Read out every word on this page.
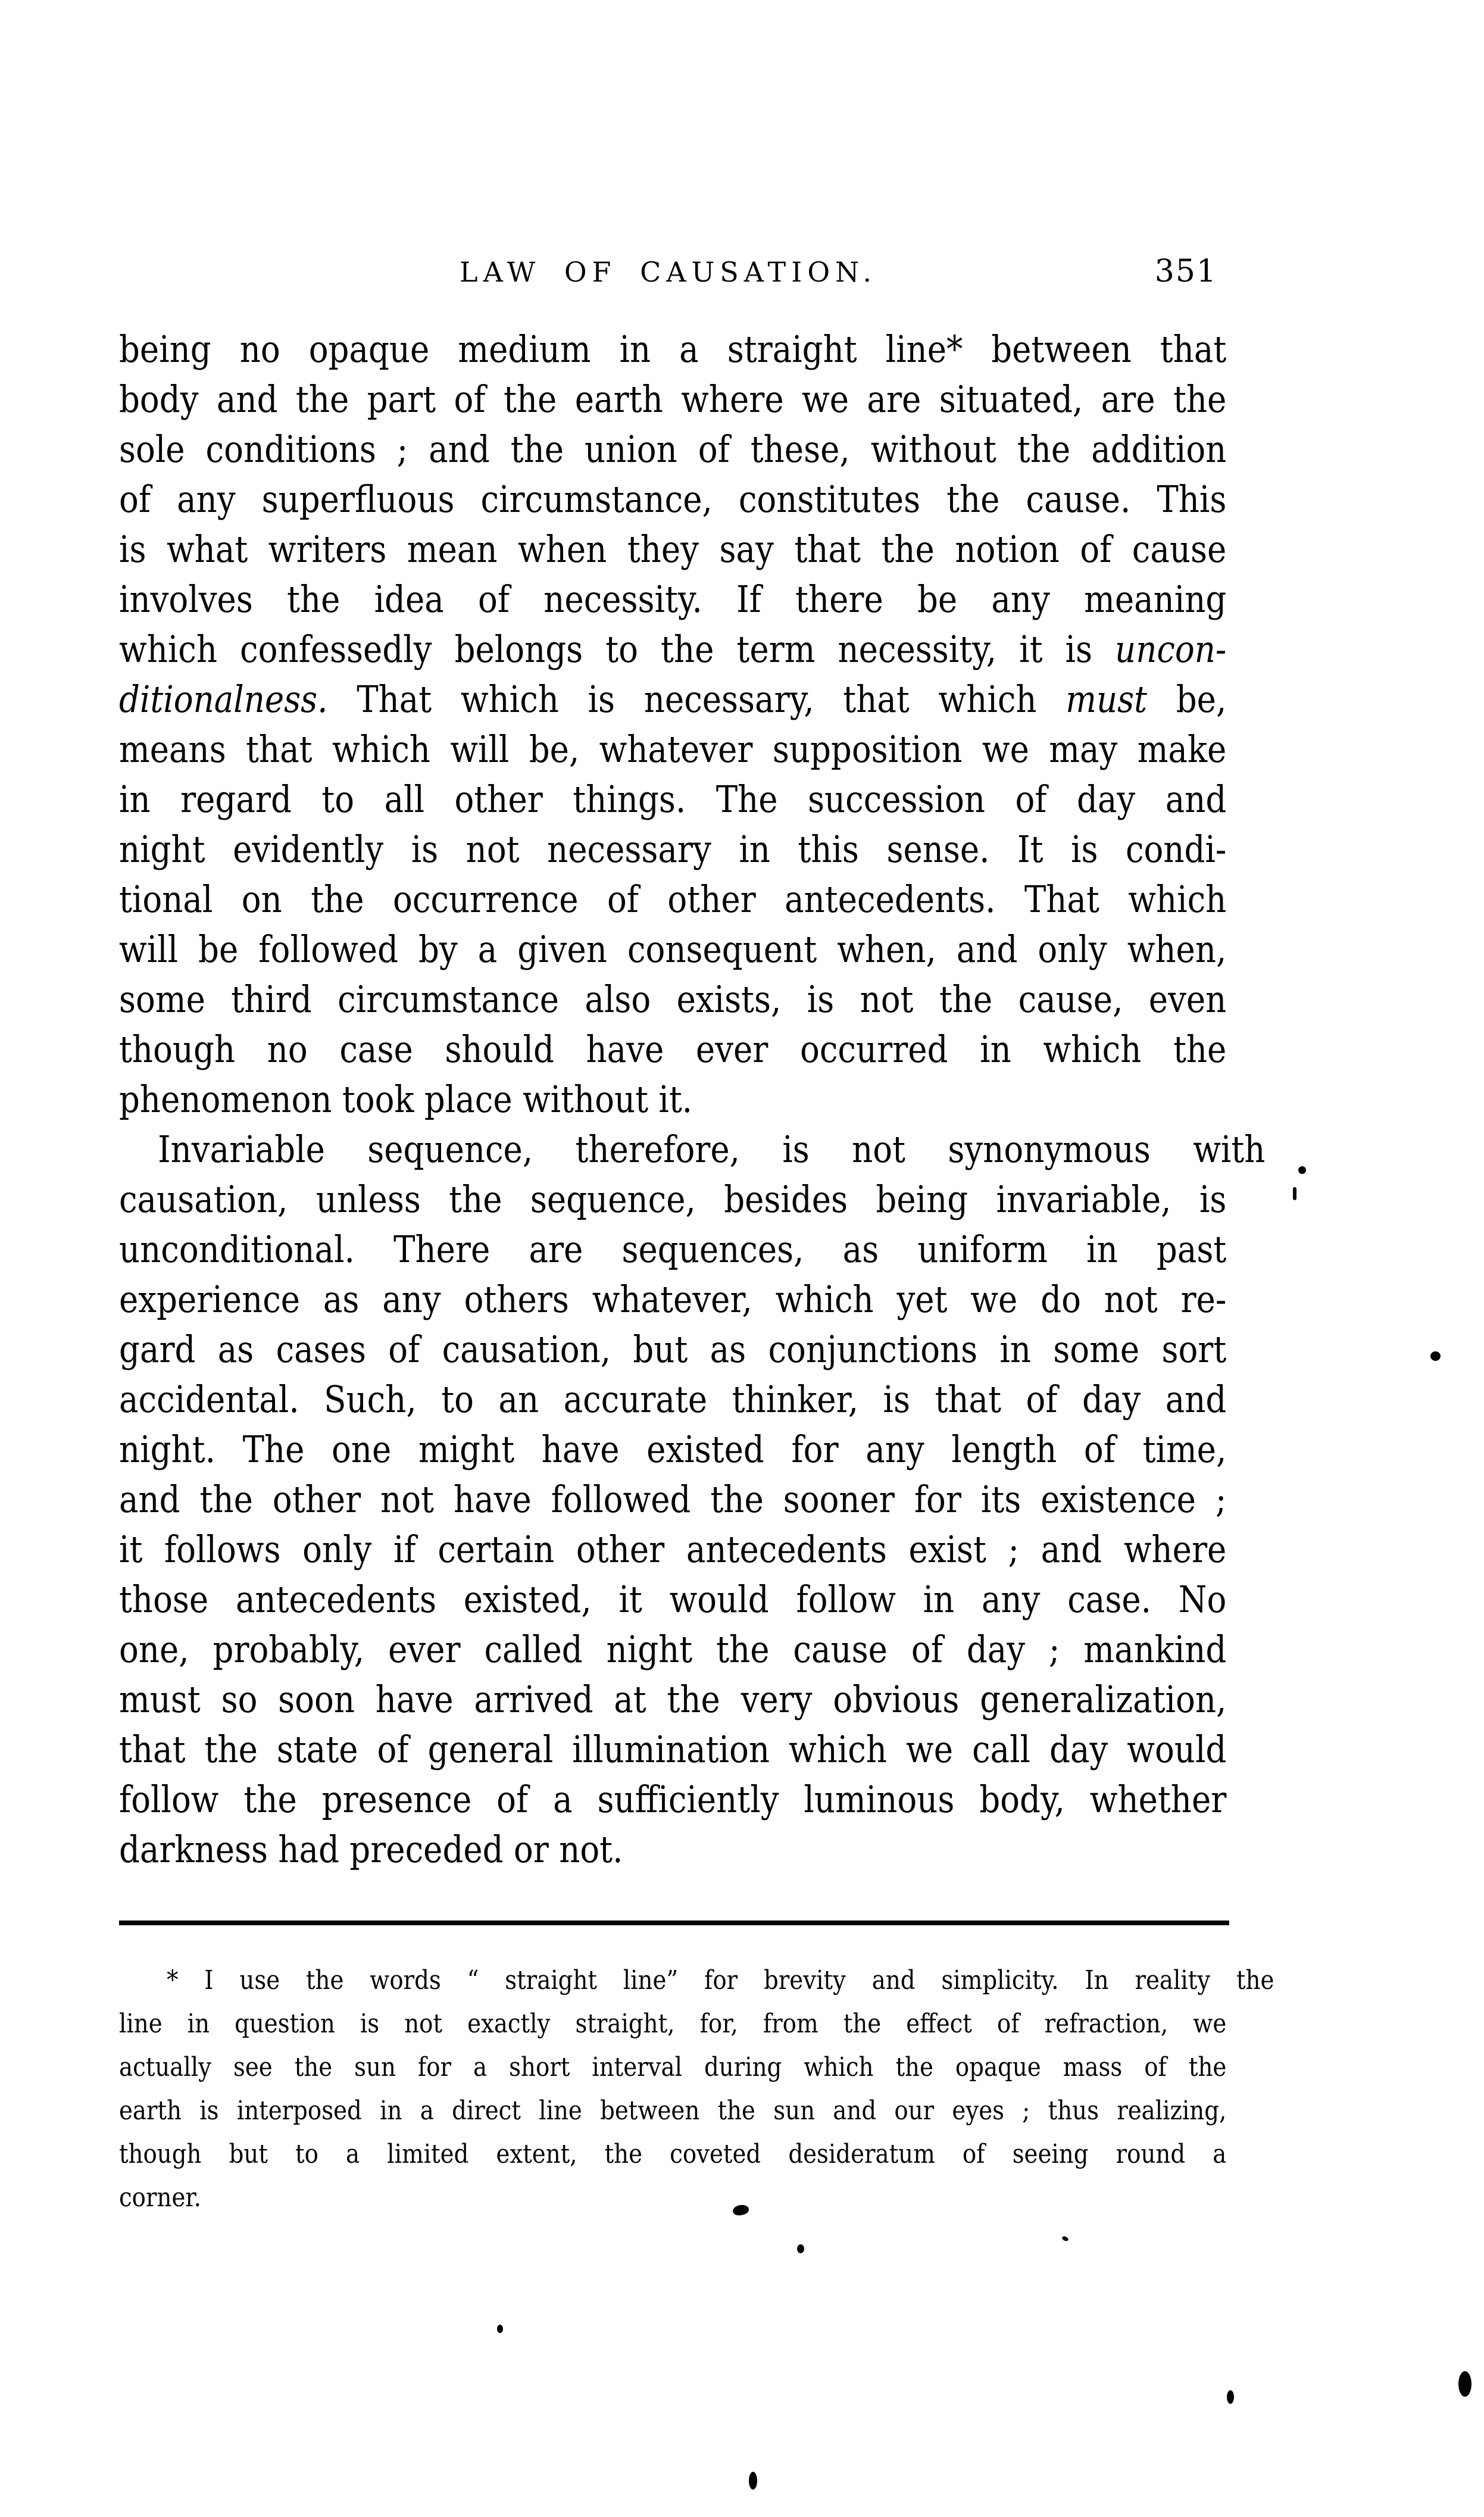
LAW OF CAUSATION.	351
being no opaque medium in a straight line* between that
body and the part of the earth where we are situated, are the
sole conditions ; and the union of these, without the addition
of any superfluous circumstance, constitutes the cause. This
is what writers mean when they say that the notion of cause
involves the idea of necessity. If there be any meaning
which confessedly belongs to the term necessity, it is uncon-
ditionalness. That which is necessary, that which must be,
means that which will be, whatever supposition we may make
in regard to all other things. The succession of day and
night evidently is not necessary in this sense. It is condi-
tional on the occurrence of other antecedents. That which
will be followed by a given consequent when, and only when,
some third circumstance also exists, is not the cause, even
though no case should have ever occurred in which the
phenomenon took place without it.
Invariable sequence, therefore, is not synonymous with
causation, unless the sequence, besides being invariable, is
unconditional. There are sequences, as uniform in past
experience as any others whatever, which yet we do not re-
gard as cases of causation, but as conjunctions in some sort
accidental. Such, to an accurate thinker, is that of day and
night. The one might have existed for any length of time,
and the other not have followed the sooner for its existence ;
it follows only if certain other antecedents exist ; and where
those antecedents existed, it would follow in any case. No
one, probably, ever called night the cause of day ; mankind
must so soon have arrived at the very obvious generalization,
that the state of general illumination which we call day would
follow the presence of a sufficiently luminous body, whether
darkness had preceded or not.
* I use the words “ straight line” for brevity and simplicity. In reality the
line in question is not exactly straight, for, from the effect of refraction, we
actually see the sun for a short interval during which the opaque mass of the
earth is interposed in a direct line between the sun and our eyes ; thus realizing,
though but to a limited extent, the coveted desideratum of seeing round a
corner.
